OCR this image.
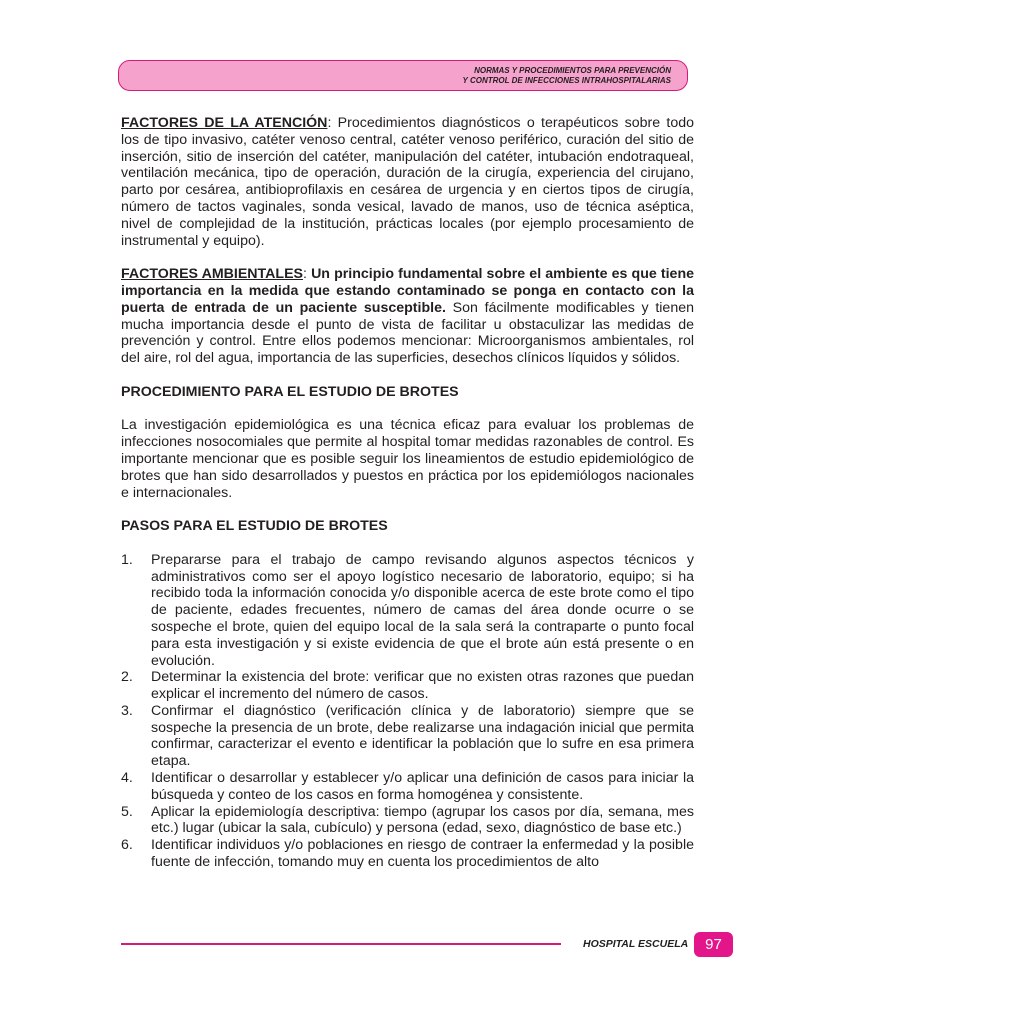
NORMAS Y PROCEDIMIENTOS PARA PREVENCIÓN
Y CONTROL DE INFECCIONES INTRAHOSPITALARIAS

FACTORES DE LA ATENCIÓN: Procedimientos diagnósticos o terapéuticos sobre todo los de tipo invasivo, catéter venoso central, catéter venoso periférico, curación del sitio de inserción, sitio de inserción del catéter, manipulación del catéter, intubación endotraqueal, ventilación mecánica, tipo de operación, duración de la cirugía, experiencia del cirujano, parto por cesárea, antibioprofilaxis en cesárea de urgencia y en ciertos tipos de cirugía, número de tactos vaginales, sonda vesical, lavado de manos, uso de técnica aséptica, nivel de complejidad de la institución, prácticas locales (por ejemplo procesamiento de instrumental y equipo).

FACTORES AMBIENTALES: Un principio fundamental sobre el ambiente es que tiene importancia en la medida que estando contaminado se ponga en contacto con la puerta de entrada de un paciente susceptible. Son fácilmente modificables y tienen mucha importancia desde el punto de vista de facilitar u obstaculizar las medidas de prevención y control. Entre ellos podemos mencionar: Microorganismos ambientales, rol del aire, rol del agua, importancia de las superficies, desechos clínicos líquidos y sólidos.

PROCEDIMIENTO PARA EL ESTUDIO DE BROTES

La investigación epidemiológica es una técnica eficaz para evaluar los problemas de infecciones nosocomiales que permite al hospital tomar medidas razonables de control. Es importante mencionar que es posible seguir los lineamientos de estudio epidemiológico de brotes que han sido desarrollados y puestos en práctica por los epidemiólogos nacionales e internacionales.

PASOS PARA EL ESTUDIO DE BROTES
1. Prepararse para el trabajo de campo revisando algunos aspectos técnicos y administrativos como ser el apoyo logístico necesario de laboratorio, equipo; si ha recibido toda la información conocida y/o disponible acerca de este brote como el tipo de paciente, edades frecuentes, número de camas del área donde ocurre o se sospeche el brote, quien del equipo local de la sala será la contraparte o punto focal para esta investigación y si existe evidencia de que el brote aún está presente o en evolución.
2. Determinar la existencia del brote: verificar que no existen otras razones que puedan explicar el incremento del número de casos.
3. Confirmar el diagnóstico (verificación clínica y de laboratorio) siempre que se sospeche la presencia de un brote, debe realizarse una indagación inicial que permita confirmar, caracterizar el evento e identificar la población que lo sufre en esa primera etapa.
4. Identificar o desarrollar y establecer y/o aplicar una definición de casos para iniciar la búsqueda y conteo de los casos en forma homogénea y consistente.
5. Aplicar la epidemiología descriptiva: tiempo (agrupar los casos por día, semana, mes etc.) lugar (ubicar la sala, cubículo) y persona (edad, sexo, diagnóstico de base etc.)
6. Identificar individuos y/o poblaciones en riesgo de contraer la enfermedad y la posible fuente de infección, tomando muy en cuenta los procedimientos de alto
HOSPITAL ESCUELA	97
